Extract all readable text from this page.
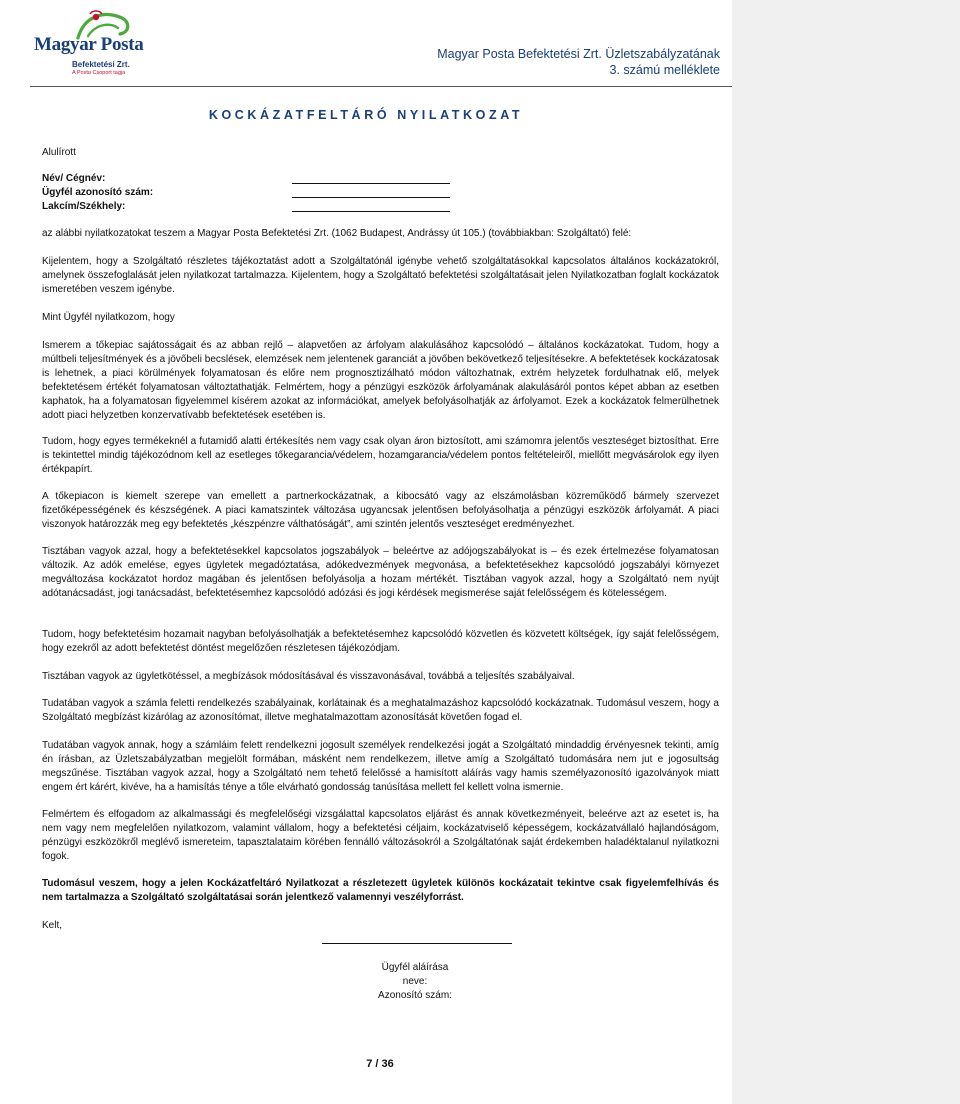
Magyar Posta
Befektetési Zrt.
A Posta Csoport tagja
Magyar Posta Befektetési Zrt. Üzletszabályzatának
3. számú melléklete
KOCKÁZATFELTÁRÓ NYILATKOZAT
Alulírott
Név/ Cégnév:
Ügyfél azonosító szám:
Lakcím/Székhely:
az alábbi nyilatkozatokat teszem a Magyar Posta Befektetési Zrt. (1062 Budapest, Andrássy út 105.) (továbbiakban: Szolgáltató) felé:

Kijelentem, hogy a Szolgáltató részletes tájékoztatást adott a Szolgáltatónál igénybe vehető szolgáltatásokkal kapcsolatos általános kockázatokról, amelynek összefoglalását jelen nyilatkozat tartalmazza. Kijelentem, hogy a Szolgáltató befektetési szolgáltatásait jelen Nyilatkozatban foglalt kockázatok ismeretében veszem igénybe.

Mint Ügyfél nyilatkozom, hogy

Ismerem a tőkepiac sajátosságait és az abban rejlő – alapvetően az árfolyam alakulásához kapcsolódó – általános kockázatokat. Tudom, hogy a múltbeli teljesítmények és a jövőbeli becslések, elemzések nem jelentenek garanciát a jövőben bekövetkező teljesítésekre. A befektetések kockázatosak is lehetnek, a piaci körülmények folyamatosan és előre nem prognosztizálható módon változhatnak, extrém helyzetek fordulhatnak elő, melyek befektetésem értékét folyamatosan változtathatják. Felmértem, hogy a pénzügyi eszközök árfolyamának alakulásáról pontos képet abban az esetben kaphatok, ha a folyamatosan figyelemmel kísérem azokat az információkat, amelyek befolyásolhatják az árfolyamot. Ezek a kockázatok felmerülhetnek adott piaci helyzetben konzervatívabb befektetések esetében is.

Tudom, hogy egyes termékeknél a futamidő alatti értékesítés nem vagy csak olyan áron biztosított, ami számomra jelentős veszteséget biztosíthat. Erre is tekintettel mindig tájékozódnom kell az esetleges tőkegarancia/védelem, hozamgarancia/védelem pontos feltételeiről, miellőtt megvásárolok egy ilyen értékpapírt.

A tőkepiacon is kiemelt szerepe van emellett a partnerkockázatnak, a kibocsátó vagy az elszámolásban közreműködő bármely szervezet fizetőképességének és készségének. A piaci kamatszintek változása ugyancsak jelentősen befolyásolhatja a pénzügyi eszközök árfolyamát. A piaci viszonyok határozzák meg egy befektetés „készpénzre válthatóságát”, ami szintén jelentős veszteséget eredményezhet.

Tisztában vagyok azzal, hogy a befektetésekkel kapcsolatos jogszabályok – beleértve az adójogszabályokat is – és ezek értelmezése folyamatosan változik. Az adók emelése, egyes ügyletek megadóztatása, adókedvezmények megvonása, a befektetésekhez kapcsolódó jogszabályi környezet megváltozása kockázatot hordoz magában és jelentősen befolyásolja a hozam mértékét. Tisztában vagyok azzal, hogy a Szolgáltató nem nyújt adótanácsadást, jogi tanácsadást, befektetésemhez kapcsolódó adózási és jogi kérdések megismerése saját felelősségem és kötelességem.

Tudom, hogy befektetésim hozamait nagyban befolyásolhatják a befektetésemhez kapcsolódó közvetlen és közvetett költségek, így saját felelősségem, hogy ezekről az adott befektetést döntést megelőzően részletesen tájékozódjam.

Tisztában vagyok az ügyletkötéssel, a megbízások módosításával és visszavonásával, továbbá a teljesítés szabályaival.

Tudatában vagyok a számla feletti rendelkezés szabályainak, korlátainak és a meghatalmazáshoz kapcsolódó kockázatnak. Tudomásul veszem, hogy a Szolgáltató megbízást kizárólag az azonosítómat, illetve meghatalmazottam azonosítását követően fogad el.

Tudatában vagyok annak, hogy a számláim felett rendelkezni jogosult személyek rendelkezési jogát a Szolgáltató mindaddig érvényesnek tekinti, amíg én írásban, az Üzletszabályzatban megjelölt formában, másként nem rendelkezem, illetve amíg a Szolgáltató tudomására nem jut e jogosultság megszűnése. Tisztában vagyok azzal, hogy a Szolgáltató nem tehető felelőssé a hamisított aláírás vagy hamis személyazonosító igazolványok miatt engem ért kárért, kivéve, ha a hamisítás ténye a tőle elvárható gondosság tanúsítása mellett fel kellett volna ismernie.

Felmértem és elfogadom az alkalmassági és megfelelőségi vizsgálattal kapcsolatos eljárást és annak következményeit, beleérve azt az esetet is, ha nem vagy nem megfelelően nyilatkozom, valamint vállalom, hogy a befektetési céljaim, kockázatviselő képességem, kockázatvállaló hajlandóságom, pénzügyi eszközökről meglévő ismereteim, tapasztalataim körében fennálló változásokról a Szolgáltatónak saját érdekemben haladéktalanul nyilatkozni fogok.

Tudomásul veszem, hogy a jelen Kockázatfeltáró Nyilatkozat a részletezett ügyletek különös kockázatait tekintve csak figyelemfelhívás és nem tartalmazza a Szolgáltató szolgáltatásai során jelentkező valamennyi veszélyforrást.

Kelt,
Ügyfél aláírása
neve:
Azonosító szám:
7 / 36
